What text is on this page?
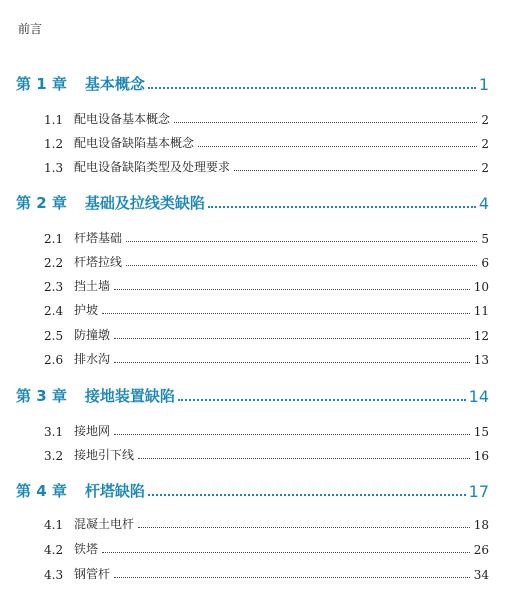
前言
第 1 章 基本概念	1
1.1 配电设备基本概念	2
1.2 配电设备缺陷基本概念	2
1.3 配电设备缺陷类型及处理要求	2
第 2 章 基础及拉线类缺陷	4
2.1 杆塔基础	5
2.2 杆塔拉线	6
2.3 挡土墙	10
2.4 护坡	11
2.5 防撞墩	12
2.6 排水沟	13
第 3 章 接地装置缺陷	14
3.1 接地网	15
3.2 接地引下线	16
第 4 章 杆塔缺陷	17
4.1 混凝土电杆	18
4.2 铁塔	26
4.3 钢管杆	34
